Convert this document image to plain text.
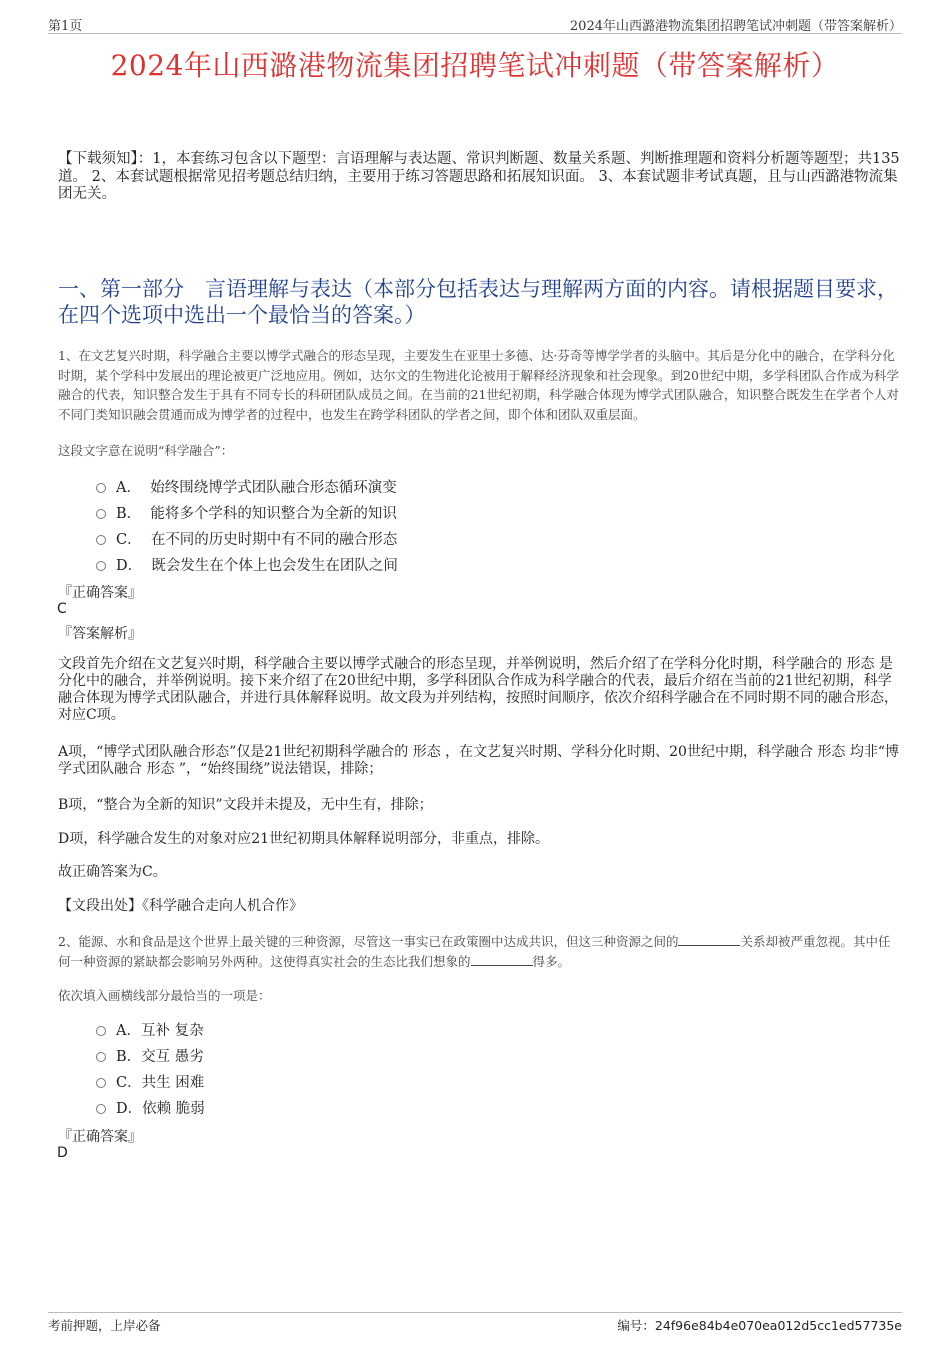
第1页	2024年山西潞港物流集团招聘笔试冲刺题（带答案解析）
2024年山西潞港物流集团招聘笔试冲刺题（带答案解析）
【下载须知】：1，本套练习包含以下题型：言语理解与表达题、常识判断题、数量关系题、判断推理题和资料分析题等题型；共135道。 2、本套试题根据常见招考题总结归纳，主要用于练习答题思路和拓展知识面。 3、本套试题非考试真题，且与山西潞港物流集团无关。
一、第一部分　言语理解与表达（本部分包括表达与理解两方面的内容。请根据题目要求，在四个选项中选出一个最恰当的答案。）
1、在文艺复兴时期，科学融合主要以博学式融合的形态呈现，主要发生在亚里士多德、达·芬奇等博学学者的头脑中。其后是分化中的融合，在学科分化时期，某个学科中发展出的理论被更广泛地应用。例如，达尔文的生物进化论被用于解释经济现象和社会现象。到20世纪中期，多学科团队合作成为科学融合的代表，知识整合发生于具有不同专长的科研团队成员之间。在当前的21世纪初期，科学融合体现为博学式团队融合，知识整合既发生在学者个人对不同门类知识融会贯通而成为博学者的过程中，也发生在跨学科团队的学者之间，即个体和团队双重层面。
这段文字意在说明“科学融合”：
A．  始终围绕博学式团队融合形态循环演变
B．  能将多个学科的知识整合为全新的知识
C．  在不同的历史时期中有不同的融合形态
D．  既会发生在个体上也会发生在团队之间
『正确答案』
C
『答案解析』
文段首先介绍在文艺复兴时期，科学融合主要以博学式融合的形态呈现，并举例说明，然后介绍了在学科分化时期，科学融合的 形态 是分化中的融合，并举例说明。接下来介绍了在20世纪中期，多学科团队合作成为科学融合的代表，最后介绍在当前的21世纪初期，科学融合体现为博学式团队融合，并进行具体解释说明。故文段为并列结构，按照时间顺序，依次介绍科学融合在不同时期不同的融合形态，对应C项。
A项，“博学式团队融合形态”仅是21世纪初期科学融合的 形态 ，在文艺复兴时期、学科分化时期、20世纪中期，科学融合 形态 均非“博学式团队融合 形态 ”，“始终围绕”说法错误，排除；
B项，“整合为全新的知识”文段并未提及，无中生有，排除；
D项，科学融合发生的对象对应21世纪初期具体解释说明部分，非重点，排除。
故正确答案为C。
【文段出处】《科学融合走向人机合作》
2、能源、水和食品是这个世界上最关键的三种资源，尽管这一事实已在政策圈中达成共识，但这三种资源之间的	关系却被严重忽视。其中任何一种资源的紧缺都会影响另外两种。这使得真实社会的生态比我们想象的	得多。
依次填入画横线部分最恰当的一项是：
A．互补 复杂
B．交互 愚劣
C．共生 困难
D．依赖 脆弱
『正确答案』
D
考前押题，上岸必备	编号：24f96e84b4e070ea012d5cc1ed57735e
